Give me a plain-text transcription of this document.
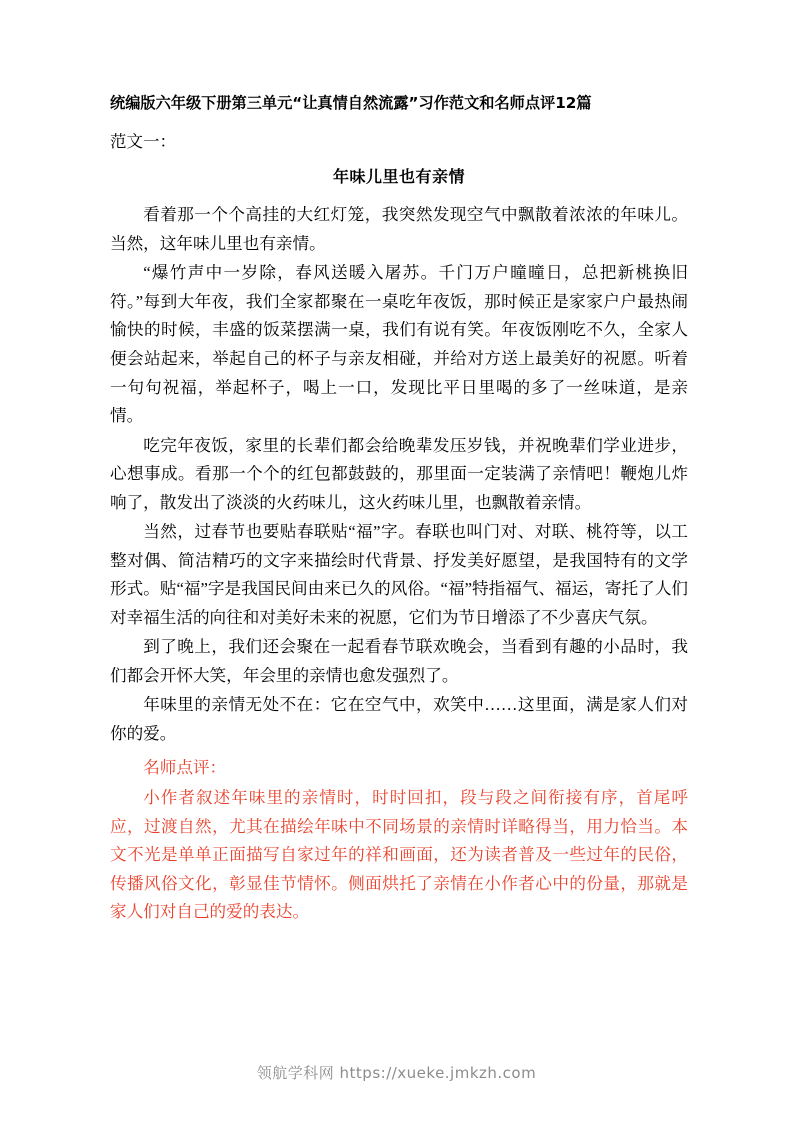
统编版六年级下册第三单元“让真情自然流露”习作范文和名师点评12篇
范文一：
年味儿里也有亲情

看着那一个个高挂的大红灯笼，我突然发现空气中飘散着浓浓的年味儿。当然，这年味儿里也有亲情。

“爆竹声中一岁除，春风送暖入屠苏。千门万户曈曈日，总把新桃换旧符。”每到大年夜，我们全家都聚在一桌吃年夜饭，那时候正是家家户户最热闹愉快的时候，丰盛的饭菜摆满一桌，我们有说有笑。年夜饭刚吃不久，全家人便会站起来，举起自己的杯子与亲友相碰，并给对方送上最美好的祝愿。听着一句句祝福，举起杯子，喝上一口，发现比平日里喝的多了一丝味道，是亲情。

吃完年夜饭，家里的长辈们都会给晚辈发压岁钱，并祝晚辈们学业进步，心想事成。看那一个个的红包都鼓鼓的，那里面一定装满了亲情吧！鞭炮儿炸响了，散发出了淡淡的火药味儿，这火药味儿里，也飘散着亲情。

当然，过春节也要贴春联贴“福”字。春联也叫门对、对联、桃符等，以工整对偶、简洁精巧的文字来描绘时代背景、抒发美好愿望，是我国特有的文学形式。贴“福”字是我国民间由来已久的风俗。“福”特指福气、福运，寄托了人们对幸福生活的向往和对美好未来的祝愿，它们为节日增添了不少喜庆气氛。

到了晚上，我们还会聚在一起看春节联欢晚会，当看到有趣的小品时，我们都会开怀大笑，年会里的亲情也愈发强烈了。

年味里的亲情无处不在：它在空气中，欢笑中……这里面，满是家人们对你的爱。

名师点评：

小作者叙述年味里的亲情时，时时回扣，段与段之间衔接有序，首尾呼应，过渡自然，尤其在描绘年味中不同场景的亲情时详略得当，用力恰当。本文不光是单单正面描写自家过年的祥和画面，还为读者普及一些过年的民俗，传播风俗文化，彰显佳节情怀。侧面烘托了亲情在小作者心中的份量，那就是家人们对自己的爱的表达。

领航学科网 https://xueke.jmkzh.com
